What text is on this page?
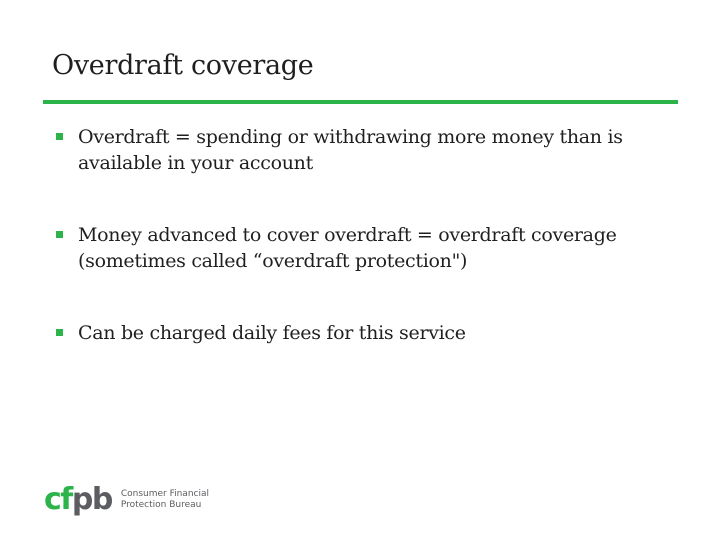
Overdraft coverage
Overdraft = spending or withdrawing more money than is available in your account
Money advanced to cover overdraft = overdraft coverage (sometimes called “overdraft protection")
Can be charged daily fees for this service
cfpb Consumer Financial
Protection Bureau
